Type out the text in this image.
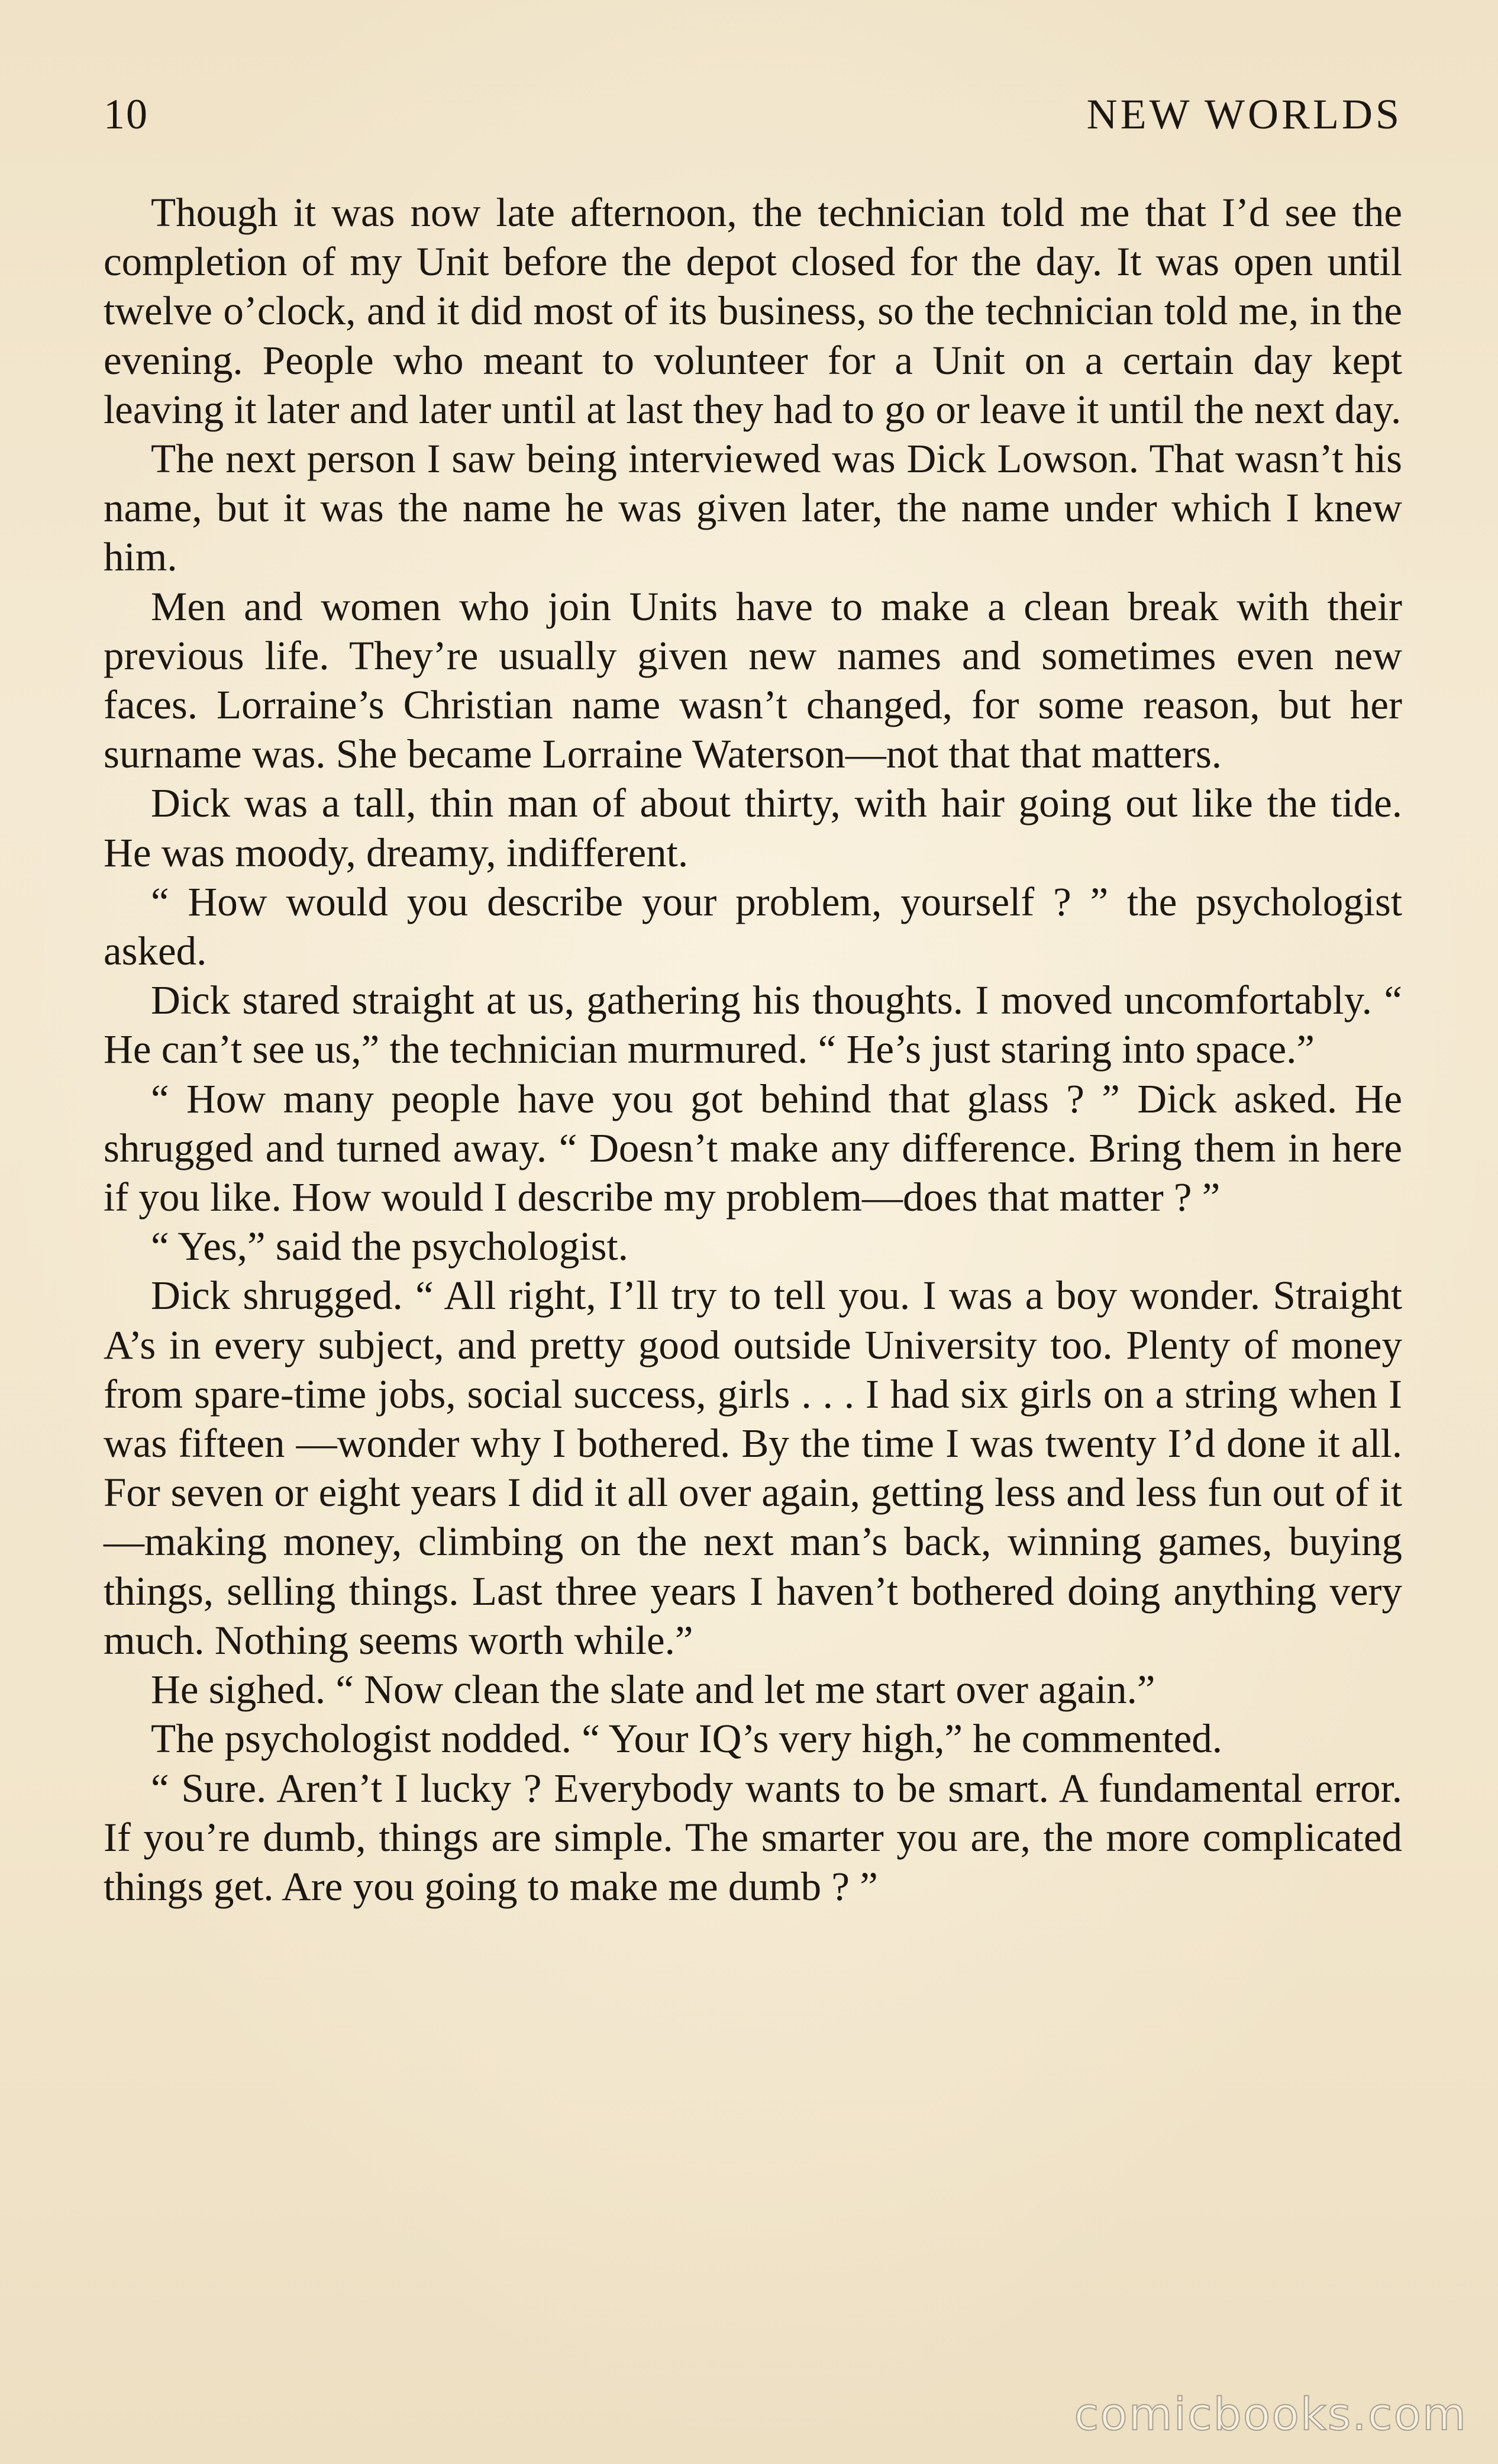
10	NEW WORLDS

Though it was now late afternoon, the technician told me that I’d see the completion of my Unit before the depot closed for the day. It was open until twelve o’clock, and it did most of its business, so the technician told me, in the evening. People who meant to volunteer for a Unit on a certain day kept leaving it later and later until at last they had to go or leave it until the next day.

The next person I saw being interviewed was Dick Lowson. That wasn’t his name, but it was the name he was given later, the name under which I knew him.

Men and women who join Units have to make a clean break with their previous life. They’re usually given new names and sometimes even new faces. Lorraine’s Christian name wasn’t changed, for some reason, but her surname was. She became Lorraine Waterson—not that that matters.

Dick was a tall, thin man of about thirty, with hair going out like the tide. He was moody, dreamy, indifferent.

“ How would you describe your problem, yourself ? ” the psychologist asked.

Dick stared straight at us, gathering his thoughts. I moved uncomfortably. “ He can’t see us,” the technician murmured. “ He’s just staring into space.”

“ How many people have you got behind that glass ? ” Dick asked. He shrugged and turned away. “ Doesn’t make any difference. Bring them in here if you like. How would I describe my problem—does that matter ? ”

“ Yes,” said the psychologist.

Dick shrugged. “ All right, I’ll try to tell you. I was a boy wonder. Straight A’s in every subject, and pretty good outside University too. Plenty of money from spare-time jobs, social success, girls . . . I had six girls on a string when I was fifteen —wonder why I bothered. By the time I was twenty I’d done it all. For seven or eight years I did it all over again, getting less and less fun out of it—making money, climbing on the next man’s back, winning games, buying things, selling things. Last three years I haven’t bothered doing anything very much. Nothing seems worth while.”

He sighed. “ Now clean the slate and let me start over again.”

The psychologist nodded. “ Your IQ’s very high,” he commented.

“ Sure. Aren’t I lucky ? Everybody wants to be smart. A fundamental error. If you’re dumb, things are simple. The smarter you are, the more complicated things get. Are you going to make me dumb ? ”

comicbooks.com
